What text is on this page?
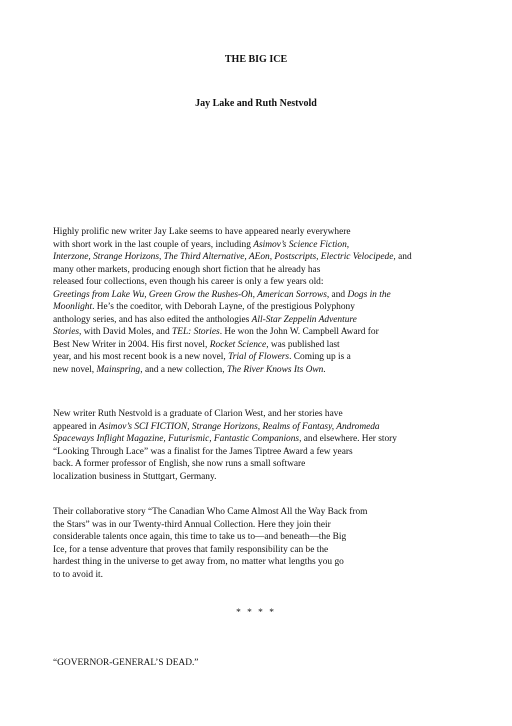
THE BIG ICE
Jay Lake and Ruth Nestvold

Highly prolific new writer Jay Lake seems to have appeared nearly everywhere
with short work in the last couple of years, including Asimov’s Science Fiction,
Interzone, Strange Horizons, The Third Alternative, AEon, Postscripts, Electric Velocipede, and
many other markets, producing enough short fiction that he already has
released four collections, even though his career is only a few years old:
Greetings from Lake Wu, Green Grow the Rushes-Oh, American Sorrows, and Dogs in the
Moonlight. He’s the coeditor, with Deborah Layne, of the prestigious Polyphony
anthology series, and has also edited the anthologies All-Star Zeppelin Adventure
Stories, with David Moles, and TEL: Stories. He won the John W. Campbell Award for
Best New Writer in 2004. His first novel, Rocket Science, was published last
year, and his most recent book is a new novel, Trial of Flowers. Coming up is a
new novel, Mainspring, and a new collection, The River Knows Its Own.

New writer Ruth Nestvold is a graduate of Clarion West, and her stories have
appeared in Asimov’s SCI FICTION, Strange Horizons, Realms of Fantasy, Andromeda
Spaceways Inflight Magazine, Futurismic, Fantastic Companions, and elsewhere. Her story
“Looking Through Lace” was a finalist for the James Tiptree Award a few years
back. A former professor of English, she now runs a small software
localization business in Stuttgart, Germany.

Their collaborative story “The Canadian Who Came Almost All the Way Back from
the Stars” was in our Twenty-third Annual Collection. Here they join their
considerable talents once again, this time to take us to—and beneath—the Big
Ice, for a tense adventure that proves that family responsibility can be the
hardest thing in the universe to get away from, no matter what lengths you go
to to avoid it.

* * * *
“GOVERNOR-GENERAL’S DEAD.”
